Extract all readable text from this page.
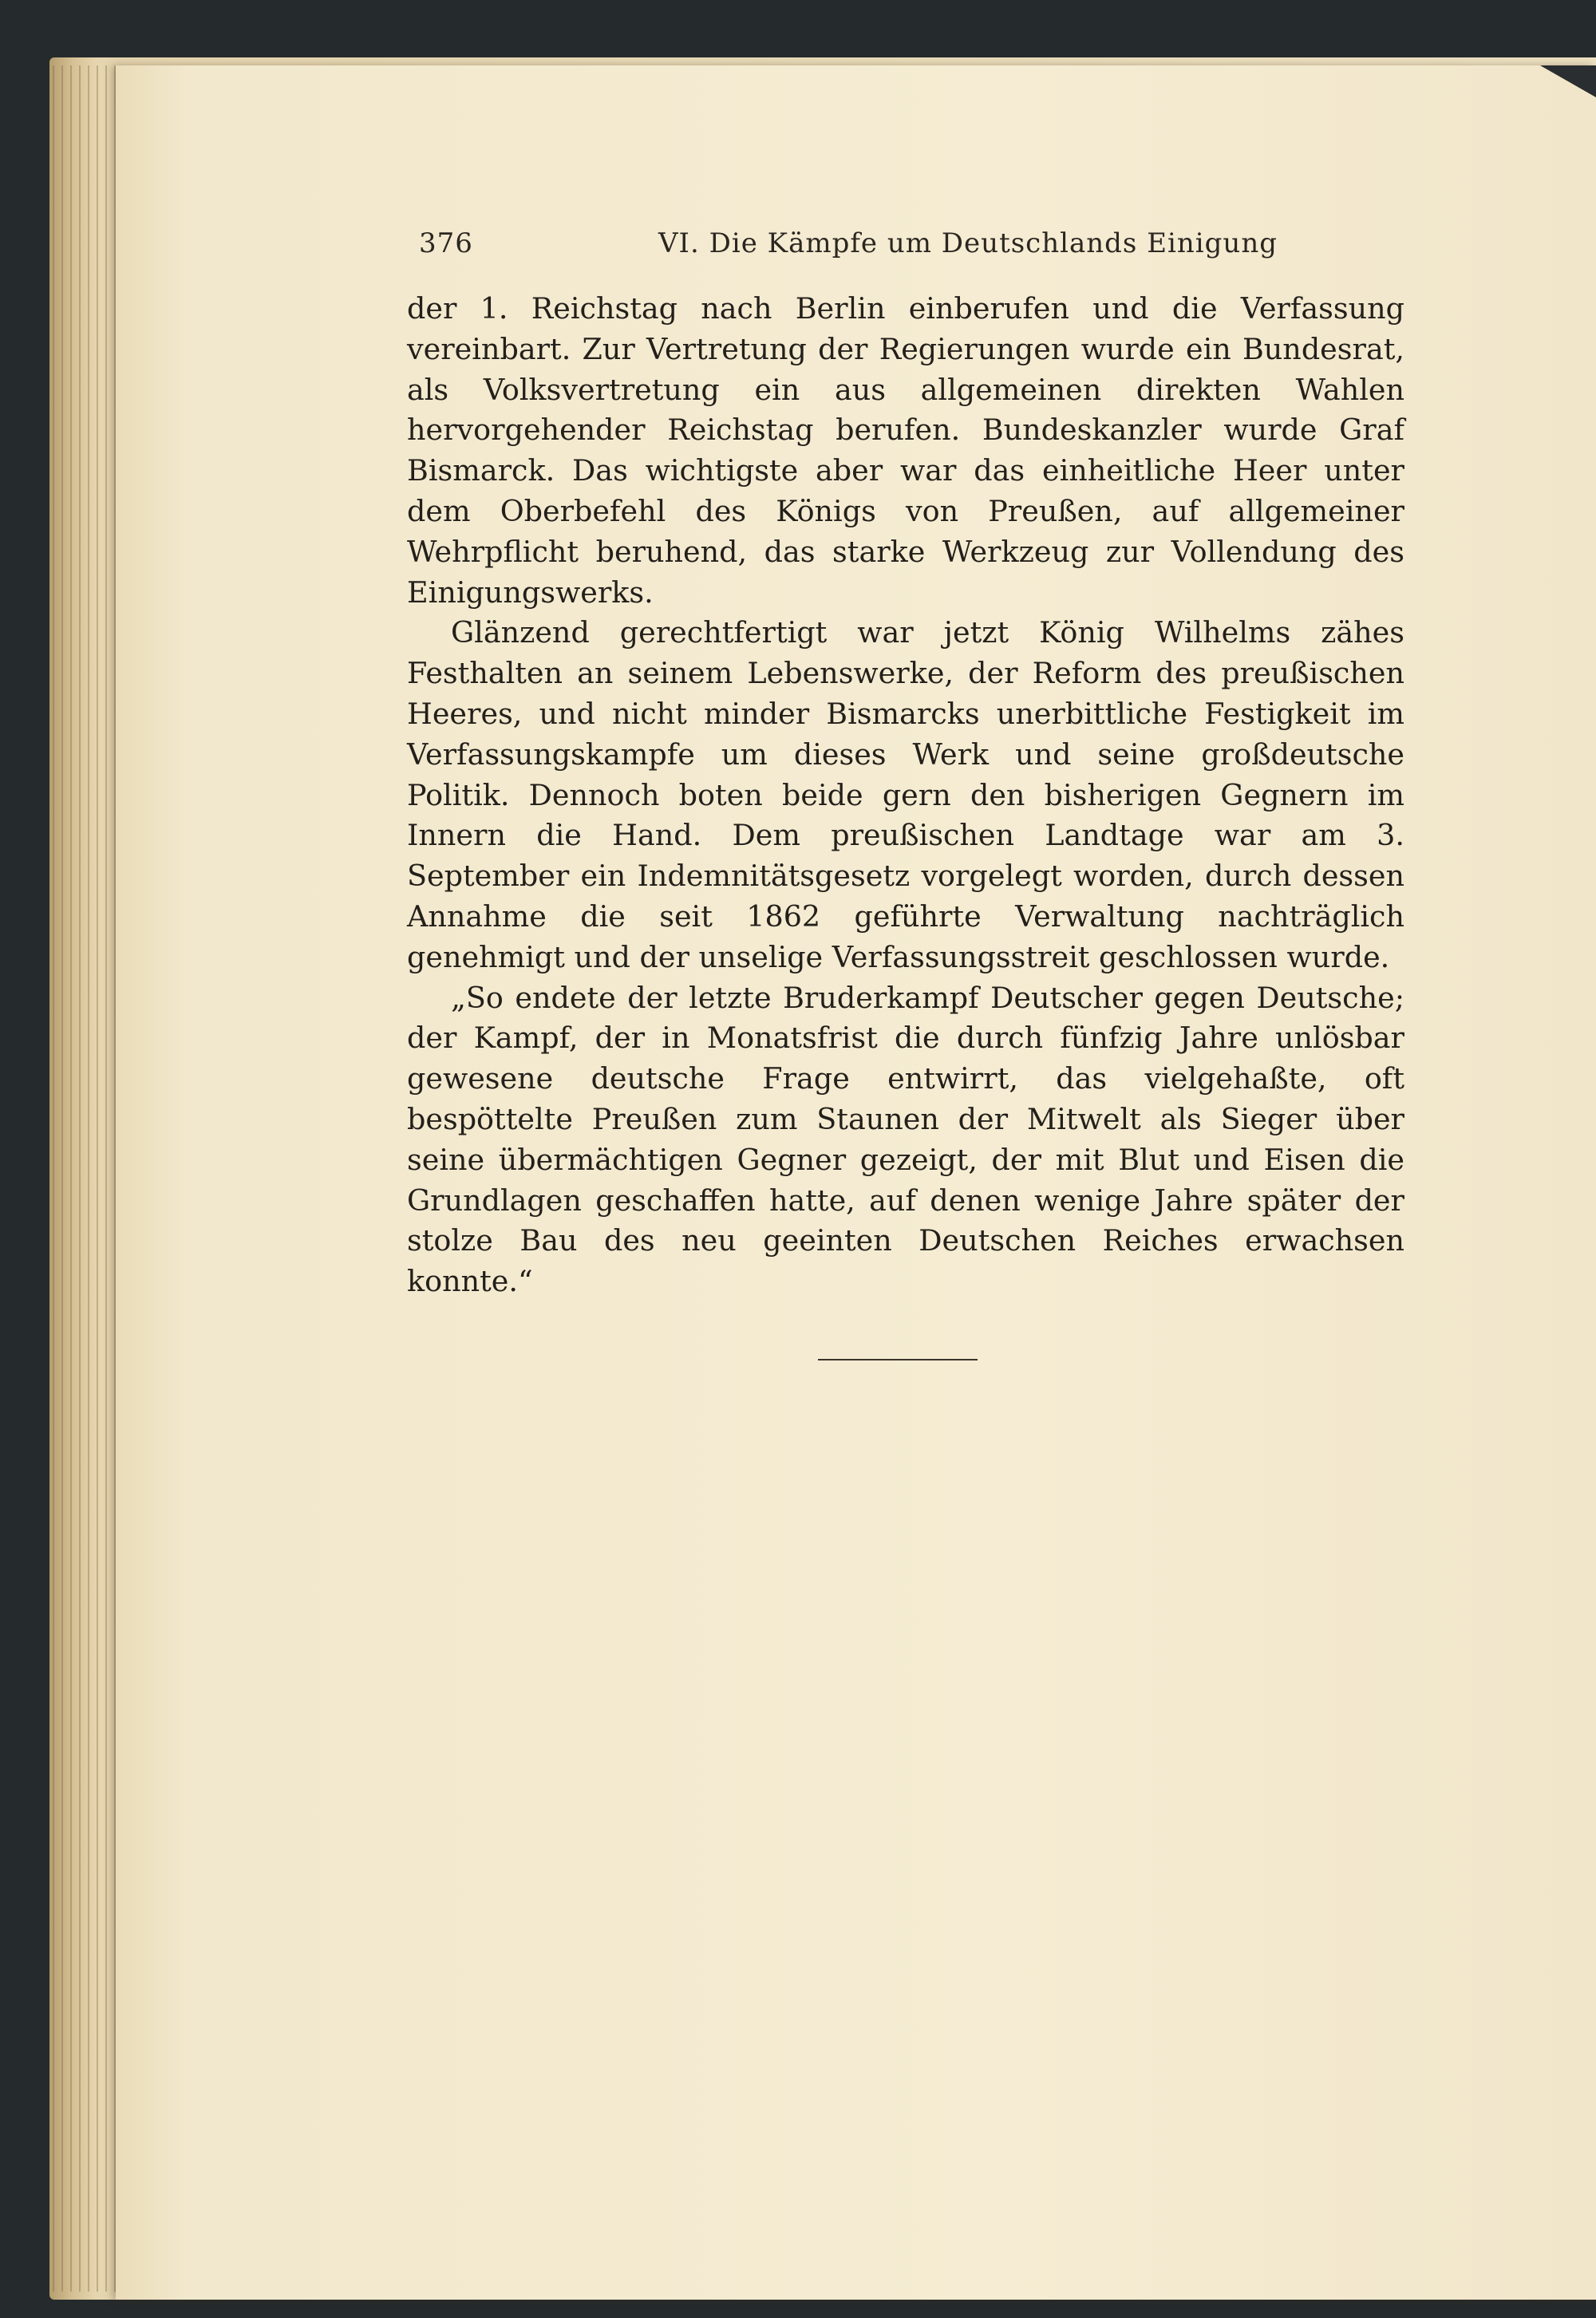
376	VI. Die Kämpfe um Deutschlands Einigung

der 1. Reichstag nach Berlin einberufen und die Verfassung vereinbart. Zur Vertretung der Regierungen wurde ein Bundesrat, als Volksvertretung ein aus allgemeinen direkten Wahlen hervorgehender Reichstag berufen. Bundeskanzler wurde Graf Bismarck. Das wichtigste aber war das einheitliche Heer unter dem Oberbefehl des Königs von Preußen, auf allgemeiner Wehrpflicht beruhend, das starke Werkzeug zur Vollendung des Einigungswerks.

Glänzend gerechtfertigt war jetzt König Wilhelms zähes Festhalten an seinem Lebenswerke, der Reform des preußischen Heeres, und nicht minder Bismarcks unerbittliche Festigkeit im Verfassungskampfe um dieses Werk und seine großdeutsche Politik. Dennoch boten beide gern den bisherigen Gegnern im Innern die Hand. Dem preußischen Landtage war am 3. September ein Indemnitätsgesetz vorgelegt worden, durch dessen Annahme die seit 1862 geführte Verwaltung nachträglich genehmigt und der unselige Verfassungsstreit geschlossen wurde.

„So endete der letzte Bruderkampf Deutscher gegen Deutsche; der Kampf, der in Monatsfrist die durch fünfzig Jahre unlösbar gewesene deutsche Frage entwirrt, das vielgehaßte, oft bespöttelte Preußen zum Staunen der Mitwelt als Sieger über seine übermächtigen Gegner gezeigt, der mit Blut und Eisen die Grundlagen geschaffen hatte, auf denen wenige Jahre später der stolze Bau des neu geeinten Deutschen Reiches erwachsen konnte.“
